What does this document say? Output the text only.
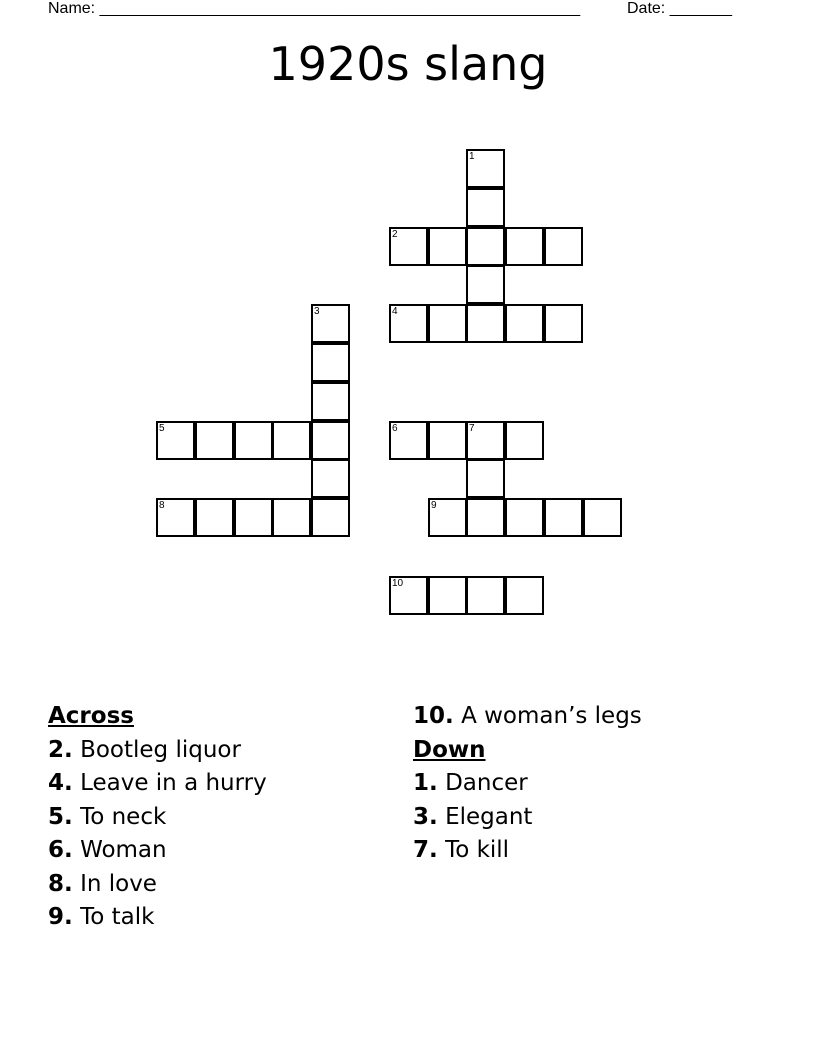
Name: ______________________________________________________	Date: _______
1920s slang
1
2
4
3
5	6	7
8	9
10
Across
2. Bootleg liquor
4. Leave in a hurry
5. To neck
6. Woman
8. In love
9. To talk
10. A woman’s legs
Down
1. Dancer
3. Elegant
7. To kill
